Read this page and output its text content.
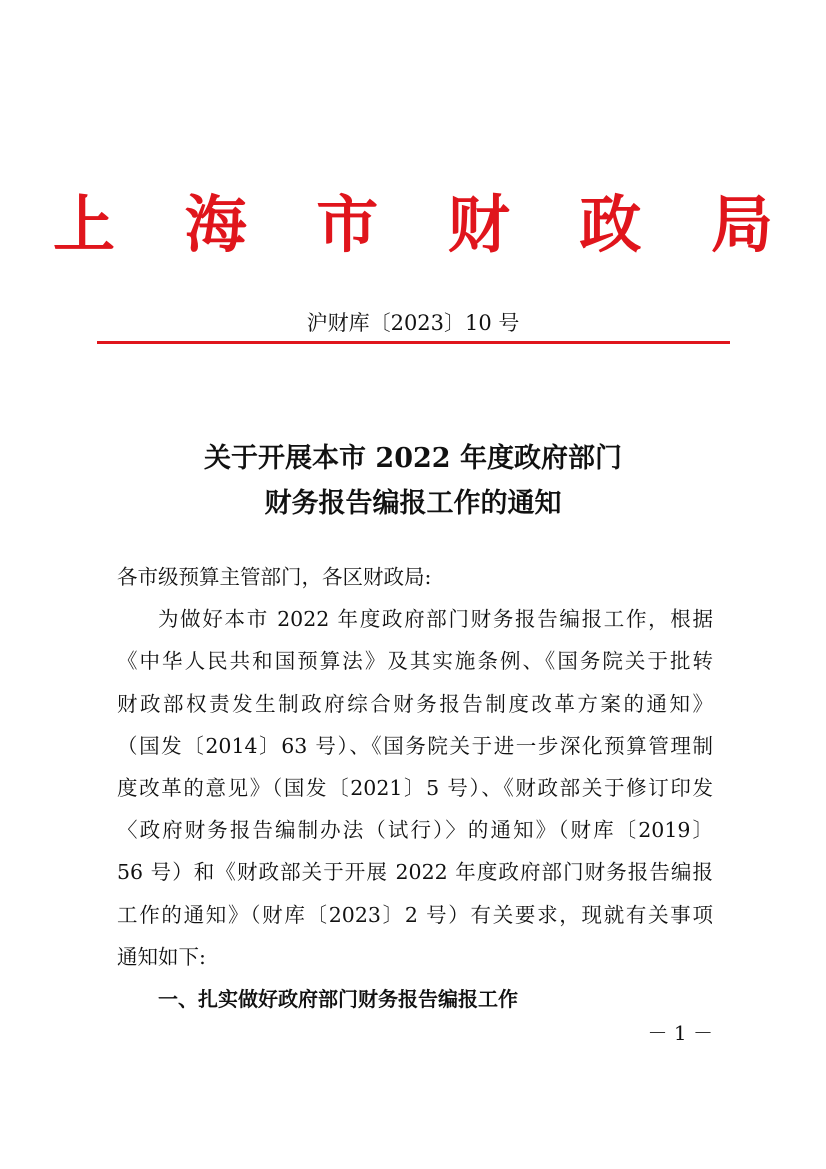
上 海 市 财 政 局
沪财库〔2023〕10 号
关于开展本市 2022 年度政府部门
财务报告编报工作的通知

各市级预算主管部门，各区财政局:

为做好本市 2022 年度政府部门财务报告编报工作，根据
《中华人民共和国预算法》及其实施条例、《国务院关于批转
财政部权责发生制政府综合财务报告制度改革方案的通知》
（国发〔2014〕63 号）、《国务院关于进一步深化预算管理制
度改革的意见》（国发〔2021〕5 号）、《财政部关于修订印发
〈政府财务报告编制办法（试行）〉的通知》（财库〔2019〕
56 号）和《财政部关于开展 2022 年度政府部门财务报告编报
工作的通知》（财库〔2023〕2 号）有关要求，现就有关事项
通知如下:

一、扎实做好政府部门财务报告编报工作

－ 1 －
